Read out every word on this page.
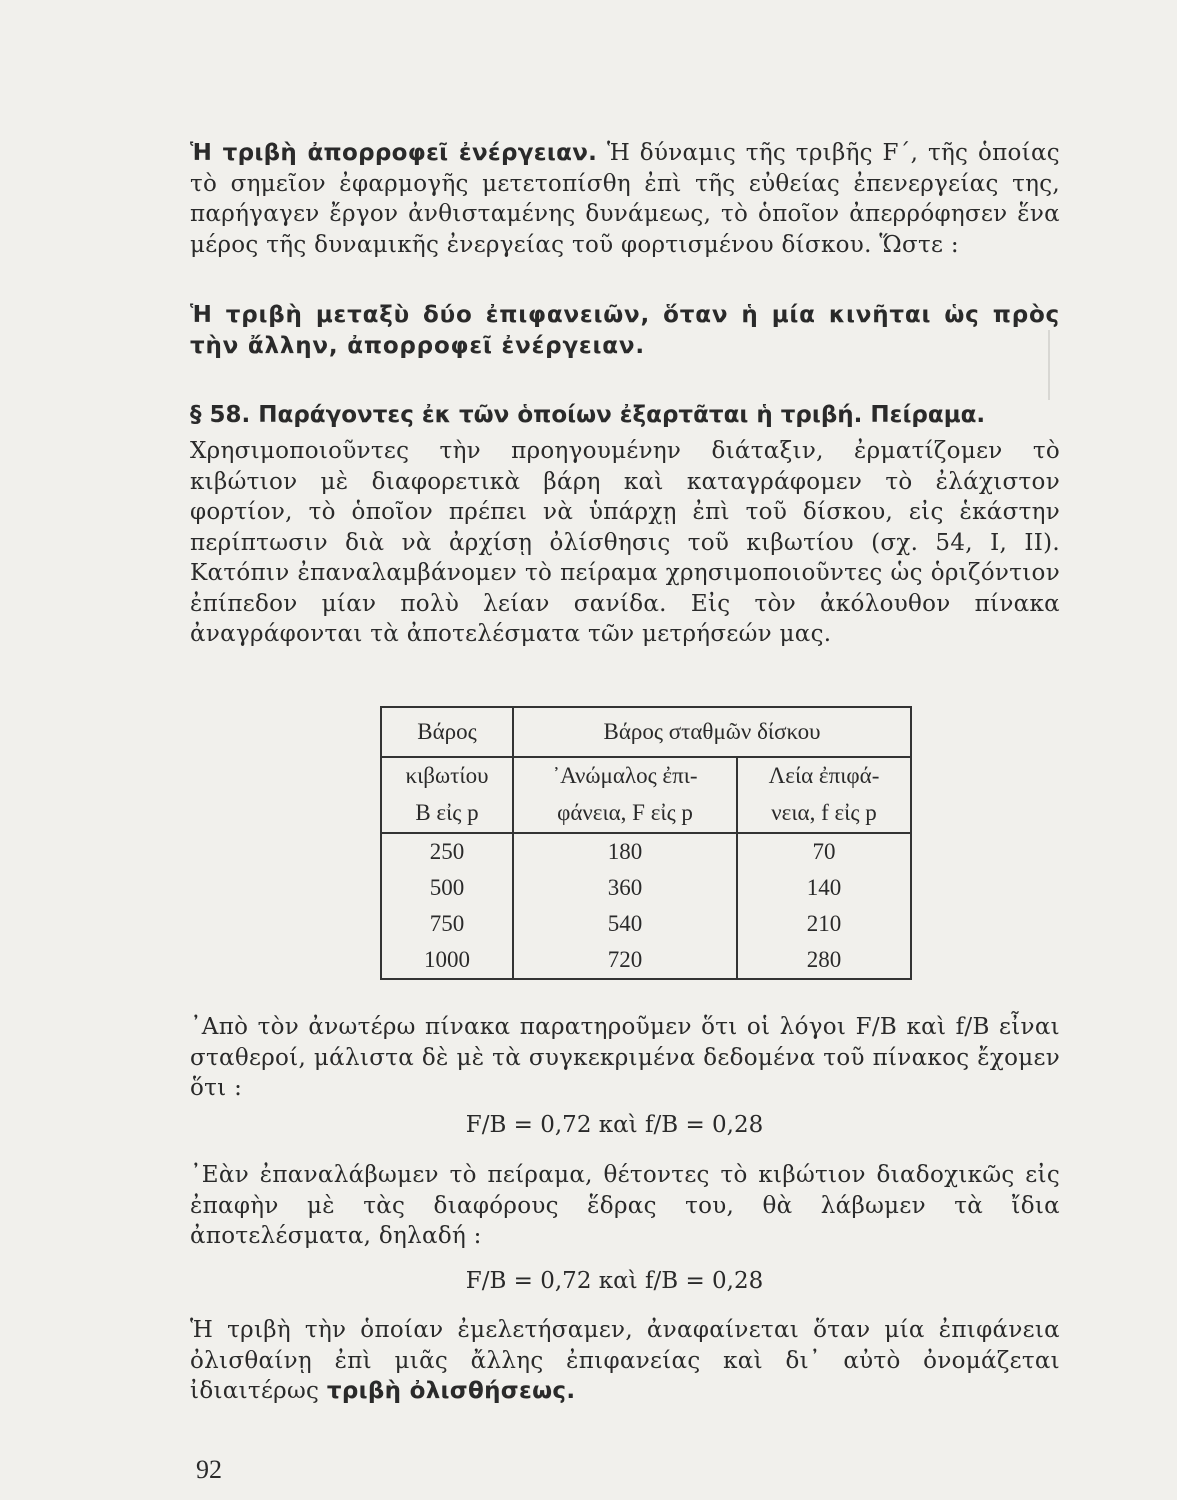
Ἡ τριβὴ ἀπορροφεῖ ἐνέργειαν. Ἡ δύναμις τῆς τριβῆς F΄, τῆς ὁποίας τὸ σημεῖον ἐφαρμογῆς μετετοπίσθη ἐπὶ τῆς εὐθείας ἐπενεργείας της, παρήγαγεν ἔργον ἀνθισταμένης δυνάμεως, τὸ ὁποῖον ἀπερρόφησεν ἕνα μέρος τῆς δυναμικῆς ἐνεργείας τοῦ φορτισμένου δίσκου. Ὥστε :

Ἡ τριβὴ μεταξὺ δύο ἐπιφανειῶν, ὅταν ἡ μία κινῆται ὡς πρὸς τὴν ἄλλην, ἀπορροφεῖ ἐνέργειαν.

§ 58. Παράγοντες ἐκ τῶν ὁποίων ἐξαρτᾶται ἡ τριβή. Πείραμα.

Χρησιμοποιοῦντες τὴν προηγουμένην διάταξιν, ἐρματίζομεν τὸ κιβώτιον μὲ διαφορετικὰ βάρη καὶ καταγράφομεν τὸ ἐλάχιστον φορτίον, τὸ ὁποῖον πρέπει νὰ ὑπάρχῃ ἐπὶ τοῦ δίσκου, εἰς ἑκάστην περίπτωσιν διὰ νὰ ἀρχίσῃ ὀλίσθησις τοῦ κιβωτίου (σχ. 54, I, II). Κατόπιν ἐπαναλαμβάνομεν τὸ πείραμα χρησιμοποιοῦντες ὡς ὁριζόντιον ἐπίπεδον μίαν πολὺ λείαν σανίδα. Εἰς τὸν ἀκόλουθον πίνακα ἀναγράφονται τὰ ἀποτελέσματα τῶν μετρήσεών μας.

Βάρος	Βάρος σταθμῶν δίσκου	
κιβωτίου	᾿Ανώμαλος ἐπι-	Λεία ἐπιφά-
B εἰς p	φάνεια, F εἰς p	νεια, f εἰς p
250	180	70
500	360	140
750	540	210
1000	720	280

᾿Απὸ τὸν ἀνωτέρω πίνακα παρατηροῦμεν ὅτι οἱ λόγοι F/B καὶ f/B εἶναι σταθεροί, μάλιστα δὲ μὲ τὰ συγκεκριμένα δεδομένα τοῦ πίνακος ἔχομεν ὅτι :

F/B = 0,72 καὶ f/B = 0,28

᾿Εὰν ἐπαναλάβωμεν τὸ πείραμα, θέτοντες τὸ κιβώτιον διαδοχικῶς εἰς ἐπαφὴν μὲ τὰς διαφόρους ἕδρας του, θὰ λάβωμεν τὰ ἴδια ἀποτελέσματα, δηλαδή :

F/B = 0,72 καὶ f/B = 0,28

Ἡ τριβὴ τὴν ὁποίαν ἐμελετήσαμεν, ἀναφαίνεται ὅταν μία ἐπιφάνεια ὀλισθαίνῃ ἐπὶ μιᾶς ἄλλης ἐπιφανείας καὶ δι᾿ αὐτὸ ὀνομάζεται ἰδιαιτέρως τριβὴ ὀλισθήσεως.

92
